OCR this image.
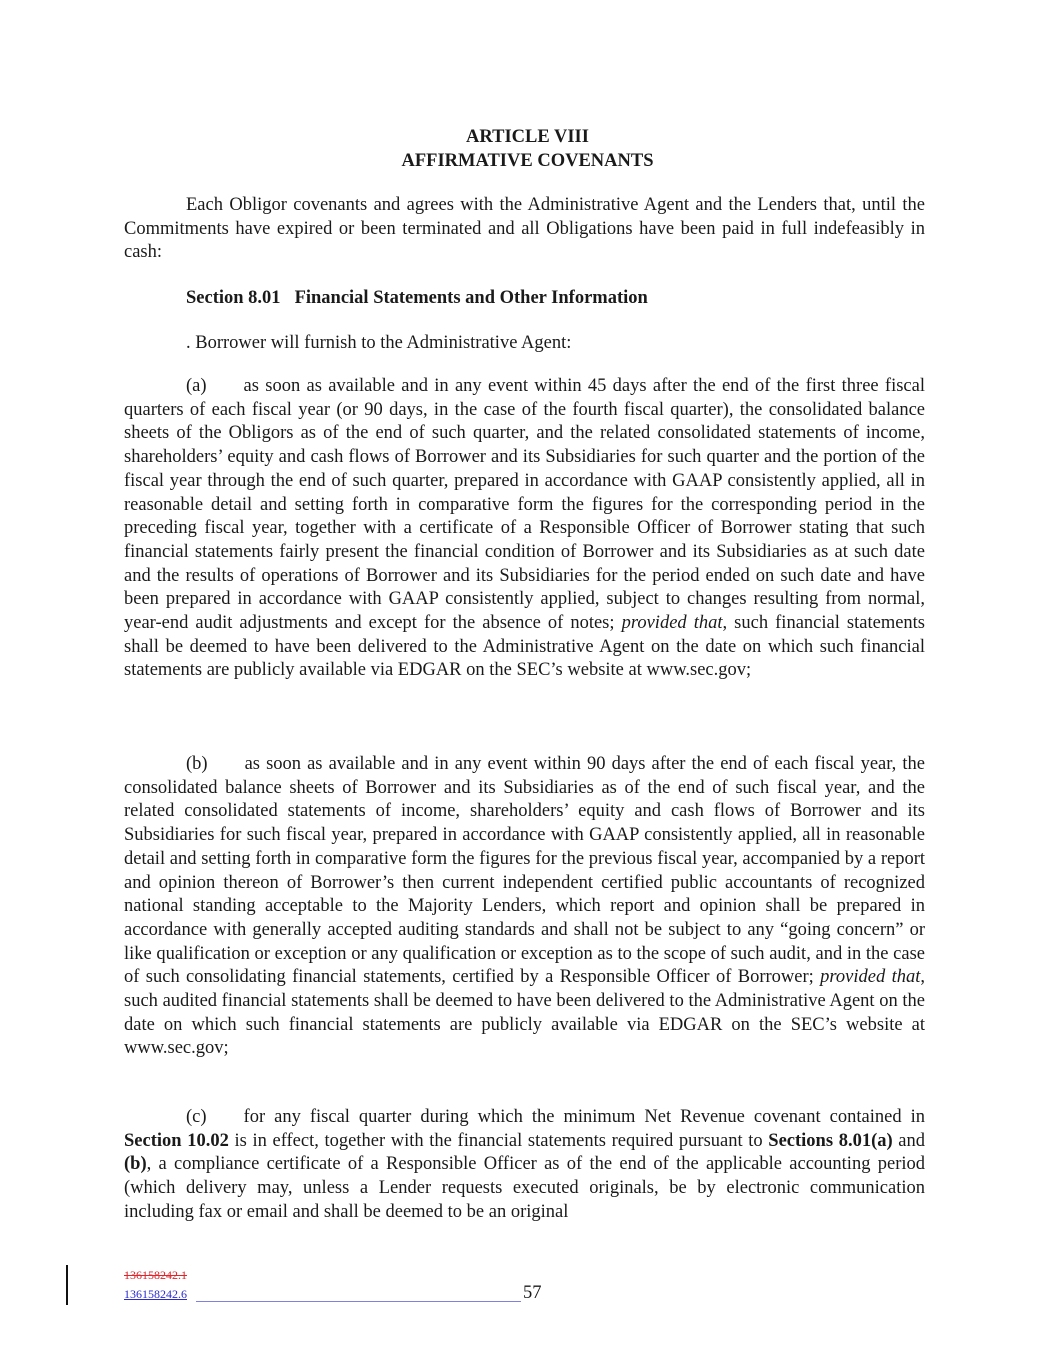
ARTICLE VIII
AFFIRMATIVE COVENANTS

Each Obligor covenants and agrees with the Administrative Agent and the Lenders that, until the Commitments have expired or been terminated and all Obligations have been paid in full indefeasibly in cash:

Section 8.01 Financial Statements and Other Information
. Borrower will furnish to the Administrative Agent:

(a) as soon as available and in any event within 45 days after the end of the first three fiscal quarters of each fiscal year (or 90 days, in the case of the fourth fiscal quarter), the consolidated balance sheets of the Obligors as of the end of such quarter, and the related consolidated statements of income, shareholders’ equity and cash flows of Borrower and its Subsidiaries for such quarter and the portion of the fiscal year through the end of such quarter, prepared in accordance with GAAP consistently applied, all in reasonable detail and setting forth in comparative form the figures for the corresponding period in the preceding fiscal year, together with a certificate of a Responsible Officer of Borrower stating that such financial statements fairly present the financial condition of Borrower and its Subsidiaries as at such date and the results of operations of Borrower and its Subsidiaries for the period ended on such date and have been prepared in accordance with GAAP consistently applied, subject to changes resulting from normal, year-end audit adjustments and except for the absence of notes; provided that, such financial statements shall be deemed to have been delivered to the Administrative Agent on the date on which such financial statements are publicly available via EDGAR on the SEC’s website at www.sec.gov;

(b) as soon as available and in any event within 90 days after the end of each fiscal year, the consolidated balance sheets of Borrower and its Subsidiaries as of the end of such fiscal year, and the related consolidated statements of income, shareholders’ equity and cash flows of Borrower and its Subsidiaries for such fiscal year, prepared in accordance with GAAP consistently applied, all in reasonable detail and setting forth in comparative form the figures for the previous fiscal year, accompanied by a report and opinion thereon of Borrower’s then current independent certified public accountants of recognized national standing acceptable to the Majority Lenders, which report and opinion shall be prepared in accordance with generally accepted auditing standards and shall not be subject to any “going concern” or like qualification or exception or any qualification or exception as to the scope of such audit, and in the case of such consolidating financial statements, certified by a Responsible Officer of Borrower; provided that, such audited financial statements shall be deemed to have been delivered to the Administrative Agent on the date on which such financial statements are publicly available via EDGAR on the SEC’s website at www.sec.gov;

(c) for any fiscal quarter during which the minimum Net Revenue covenant contained in Section 10.02 is in effect, together with the financial statements required pursuant to Sections 8.01(a) and (b), a compliance certificate of a Responsible Officer as of the end of the applicable accounting period (which delivery may, unless a Lender requests executed originals, be by electronic communication including fax or email and shall be deemed to be an original

136158242.1
136158242.6	57
